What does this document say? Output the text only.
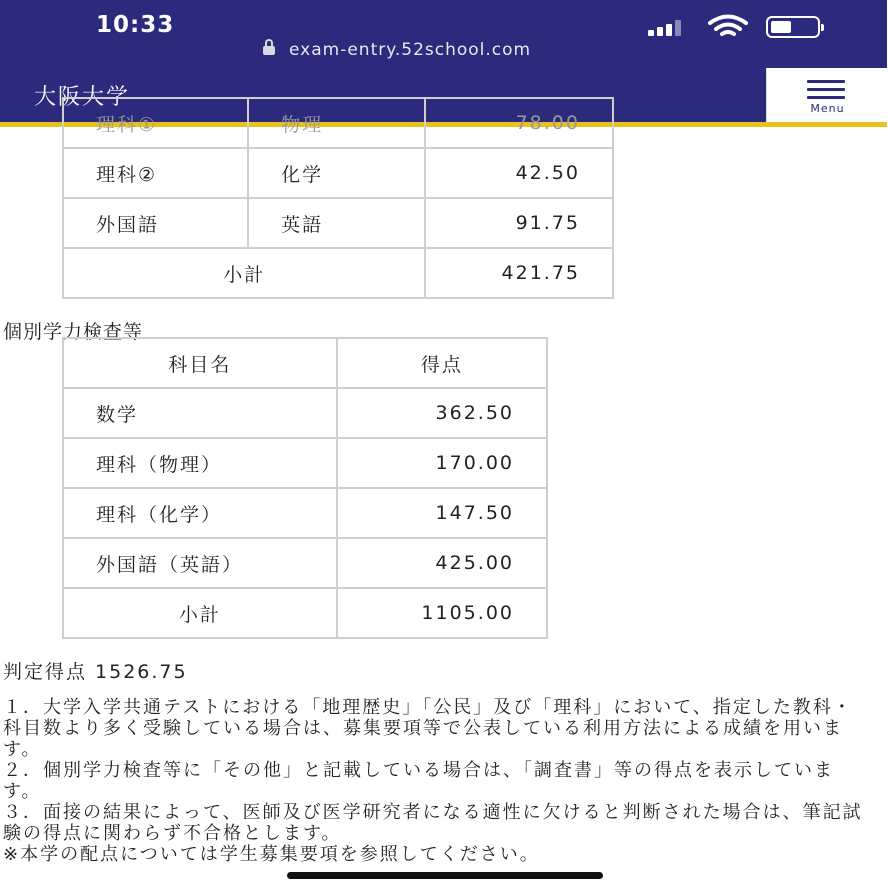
10:33
exam-entry.52school.com
大阪大学	Menu
理科①	物理	78.00
理科②	化学	42.50
外国語	英語	91.75
小計		421.75
個別学力検査等
科目名	得点
数学	362.50
理科（物理）	170.00
理科（化学）	147.50
外国語（英語）	425.00
小計	1105.00
判定得点 1526.75

１．大学入学共通テストにおける「地理歴史」「公民」及び「理科」において、指定した教科・科目数より多く受験している場合は、募集要項等で公表している利用方法による成績を用います。

２．個別学力検査等に「その他」と記載している場合は、「調査書」等の得点を表示しています。

３．面接の結果によって、医師及び医学研究者になる適性に欠けると判断された場合は、筆記試験の得点に関わらず不合格とします。

※本学の配点については学生募集要項を参照してください。
